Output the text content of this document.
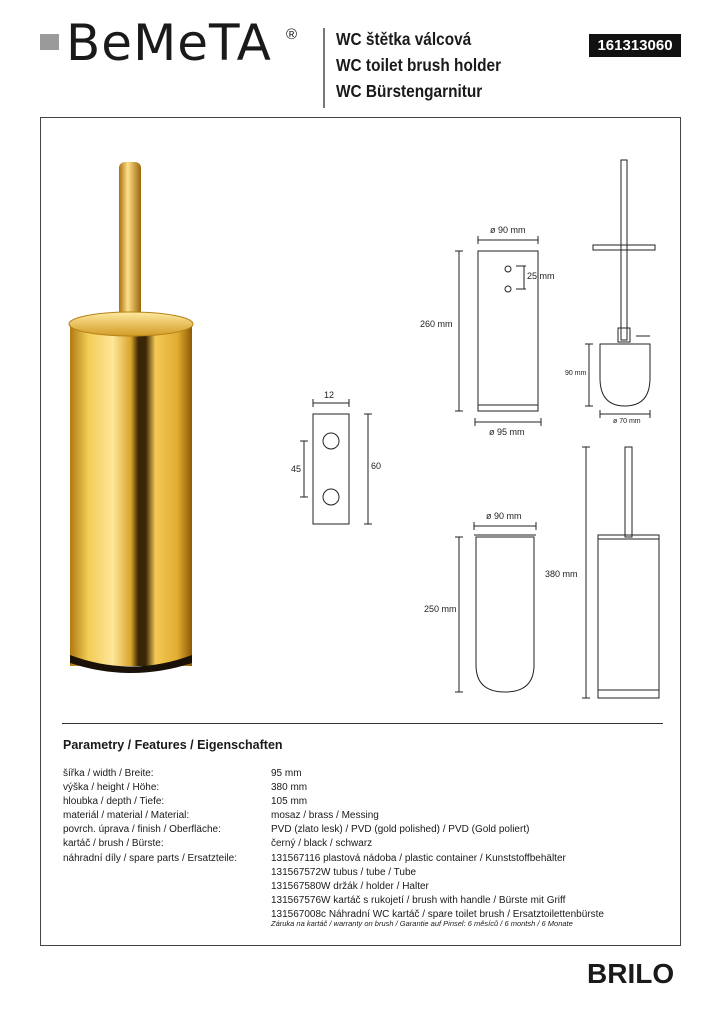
BeMeTA ® WC štětka válcová
WC toilet brush holder
WC Bürstengarnitur
161313060
ø 90 mm
25 mm
260 mm
ø 95 mm
90 mm
ø 70 mm
12
45	60
ø 90 mm
250 mm
380 mm
Parametry / Features / Eigenschaften
šířka / width / Breite:	95 mm
výška / height / Höhe:	380 mm
hloubka / depth / Tiefe:	105 mm
materiál / material / Material:	mosaz / brass / Messing
povrch. úprava / finish / Oberfläche:	PVD (zlato lesk) / PVD (gold polished) / PVD (Gold poliert)
kartáč / brush / Bürste:	černý / black / schwarz
náhradní díly / spare parts / Ersatzteile:	131567116 plastová nádoba / plastic container / Kunststoffbehälter
131567572W tubus / tube / Tube
131567580W držák / holder / Halter
131567576W kartáč s rukojetí / brush with handle / Bürste mit Griff
131567008c Náhradní WC kartáč / spare toilet brush / Ersatztoilettenbürste
Záruka na kartáč / warranty on brush / Garantie auf Pinsel: 6 měsíců / 6 montsh / 6 Monate
BRILO
